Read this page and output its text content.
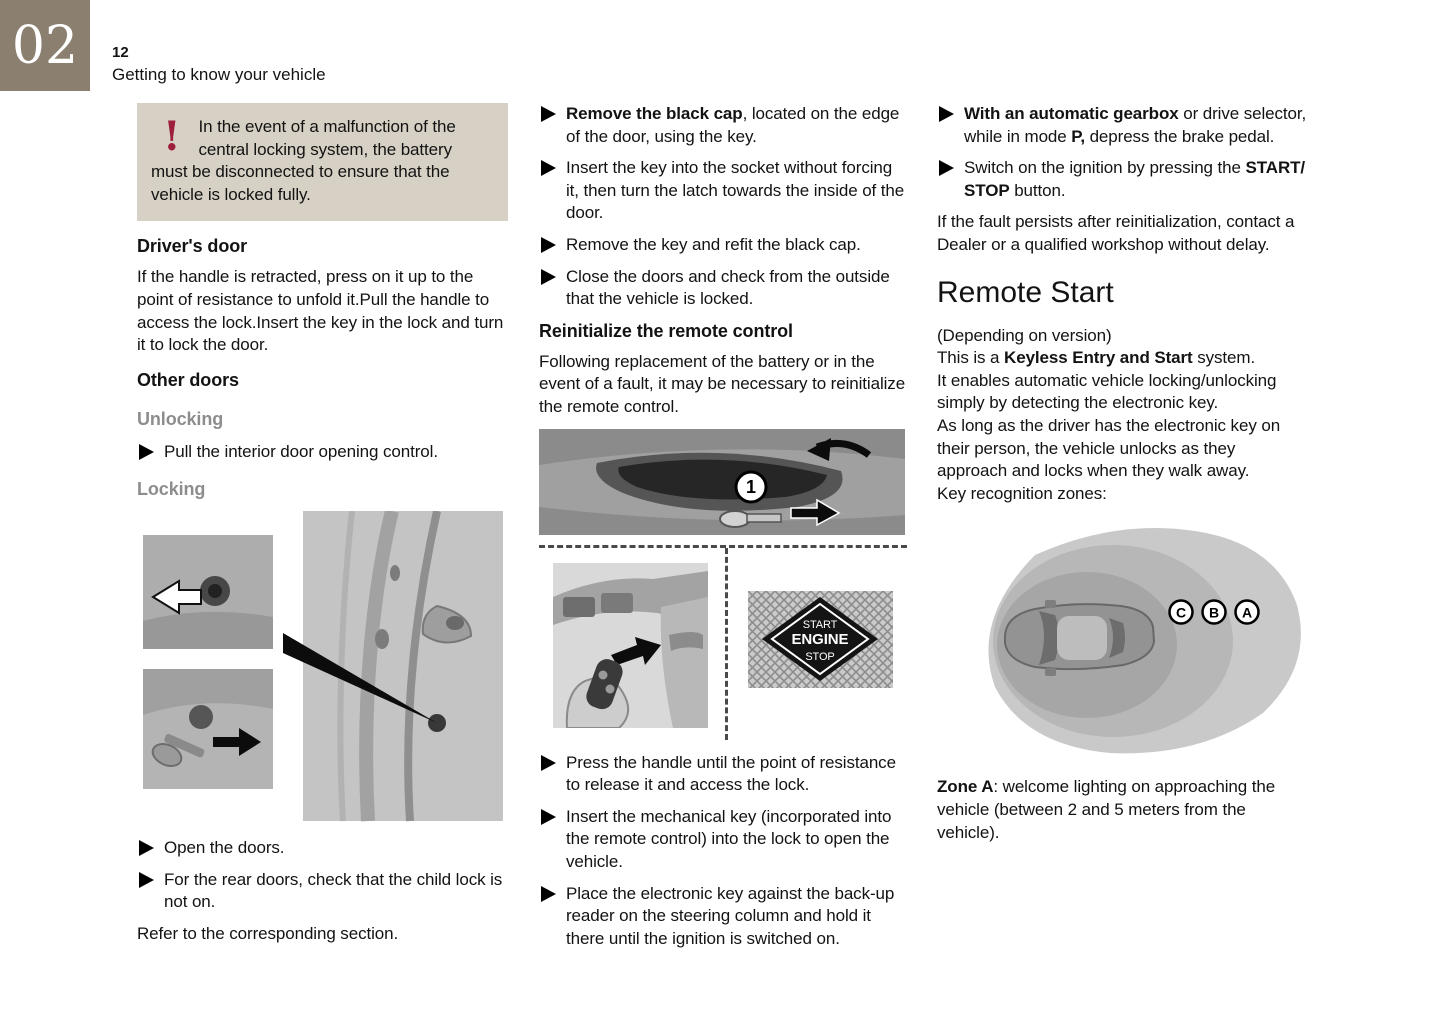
02 12
Getting to know your vehicle
! In the event of a malfunction of the central locking system, the battery must be disconnected to ensure that the vehicle is locked fully.
Driver's door

If the handle is retracted, press on it up to the point of resistance to unfold it.Pull the handle to access the lock.Insert the key in the lock and turn it to lock the door.

Other doors
Unlocking
Pull the interior door opening control.
Locking
Open the doors.
For the rear doors, check that the child lock is not on.

Refer to the corresponding section.

Remove the black cap, located on the edge of the door, using the key.
Insert the key into the socket without forcing it, then turn the latch towards the inside of the door.
Remove the key and refit the black cap.
Close the doors and check from the outside that the vehicle is locked.
Reinitialize the remote control

Following replacement of the battery or in the event of a fault, it may be necessary to reinitialize the remote control.

1
START
ENGINE
STOP
Press the handle until the point of resistance to release it and access the lock.
Insert the mechanical key (incorporated into the remote control) into the lock to open the vehicle.
Place the electronic key against the back-up reader on the steering column and hold it there until the ignition is switched on.
With an automatic gearbox or drive selector, while in mode P, depress the brake pedal.
Switch on the ignition by pressing the START/ STOP button.

If the fault persists after reinitialization, contact a Dealer or a qualified workshop without delay.

Remote Start

(Depending on version)

This is a Keyless Entry and Start system.

It enables automatic vehicle locking/unlocking simply by detecting the electronic key.

As long as the driver has the electronic key on their person, the vehicle unlocks as they approach and locks when they walk away.

Key recognition zones:

C B A

Zone A: welcome lighting on approaching the vehicle (between 2 and 5 meters from the vehicle).
